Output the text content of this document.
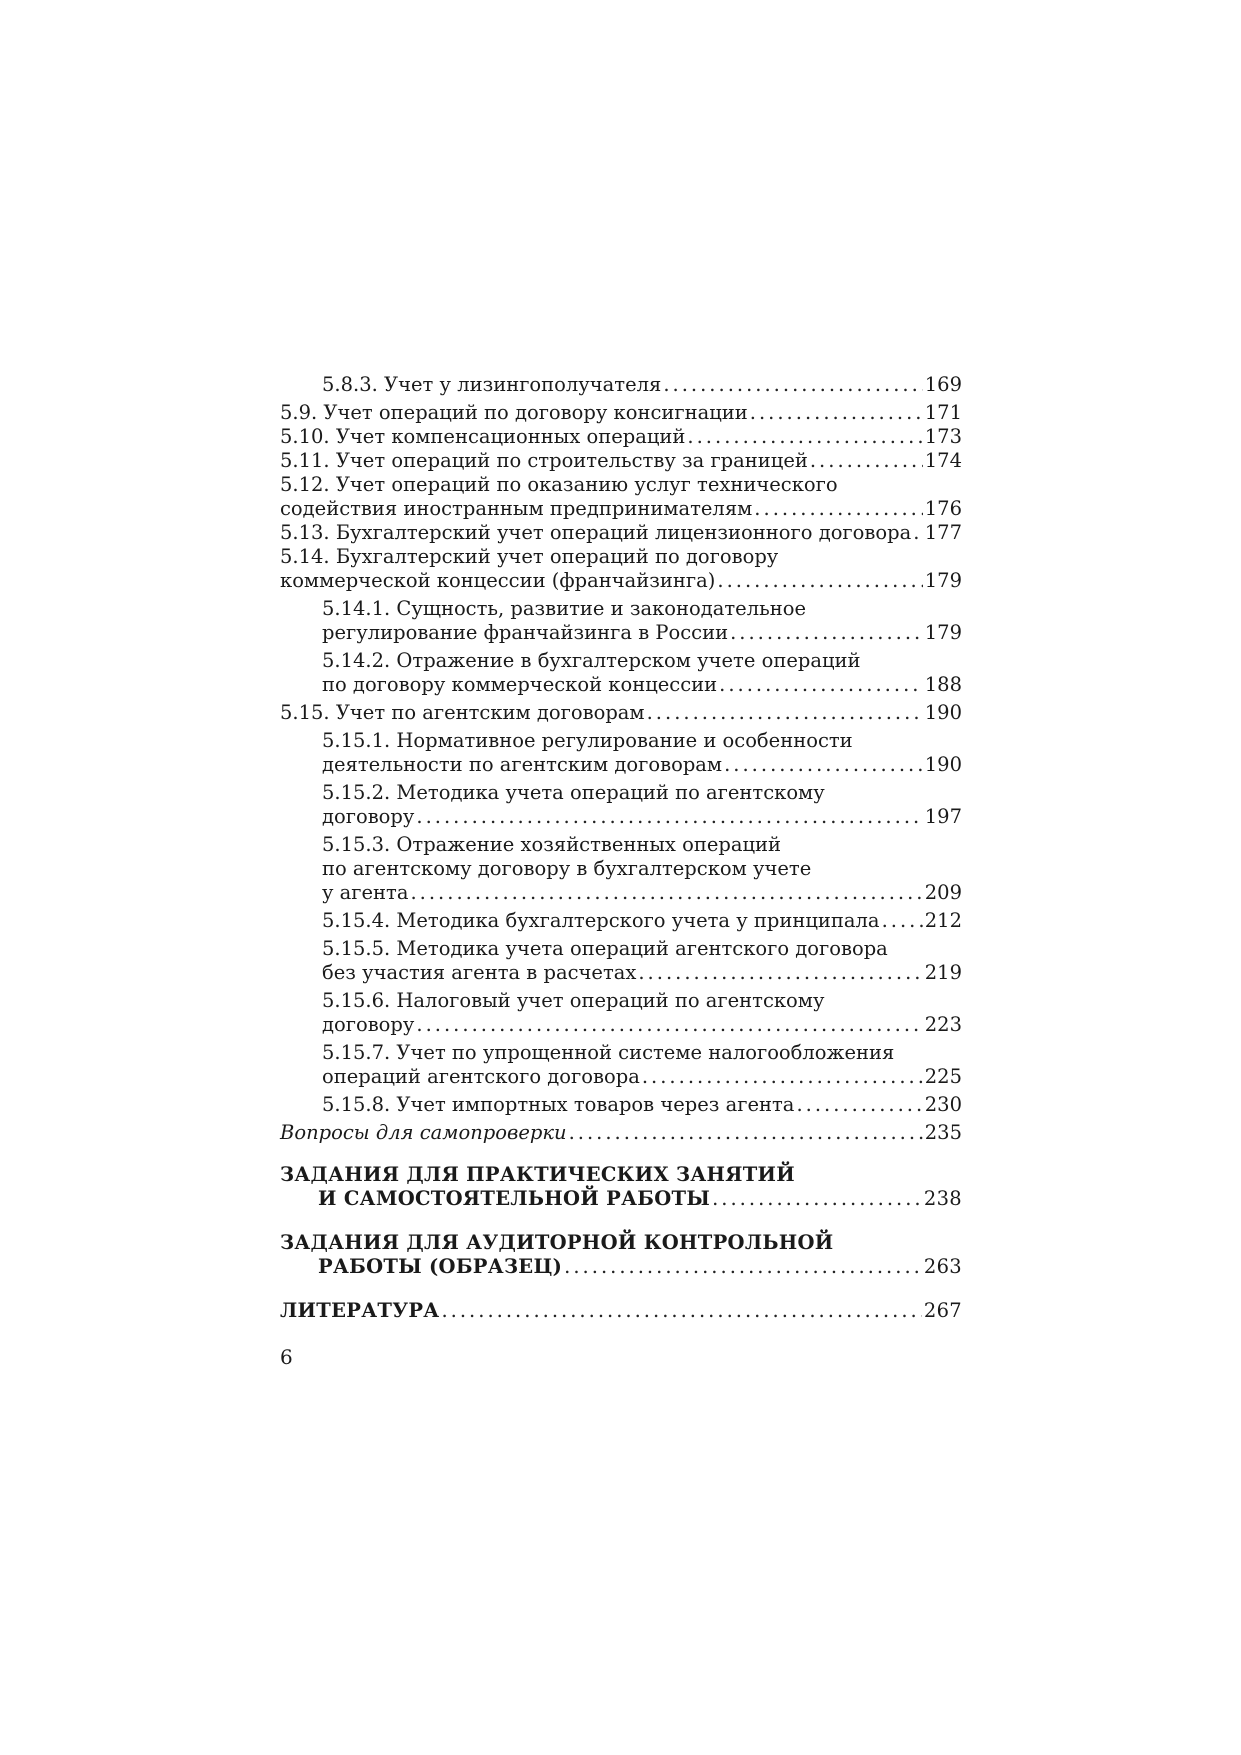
5.8.3. Учет у лизингополучателя . . .	169
5.9. Учет операций по договору консигнации . . .	171
5.10. Учет компенсационных операций . . .	173
5.11. Учет операций по строительству за границей . . .	174
5.12. Учет операций по оказанию услуг технического
содействия иностранным предпринимателям . . .	176
5.13. Бухгалтерский учет операций лицензионного договора . . . 177
5.14. Бухгалтерский учет операций по договору
коммерческой концессии (франчайзинга) . . .	179
5.14.1. Сущность, развитие и законодательное
регулирование франчайзинга в России . . .	179
5.14.2. Отражение в бухгалтерском учете операций
по договору коммерческой концессии . . .	188
5.15. Учет по агентским договорам . . .	190
5.15.1. Нормативное регулирование и особенности
деятельности по агентским договорам . . .	190
5.15.2. Методика учета операций по агентскому
договору . . .	197
5.15.3. Отражение хозяйственных операций
по агентскому договору в бухгалтерском учете
у агента . . .	209
5.15.4. Методика бухгалтерского учета у принципала . . . 212
5.15.5. Методика учета операций агентского договора
без участия агента в расчетах . . .	219
5.15.6. Налоговый учет операций по агентскому
договору . . .	223
5.15.7. Учет по упрощенной системе налогообложения
операций агентского договора . . .	225
5.15.8. Учет импортных товаров через агента . . .	230
Вопросы для самопроверки . . .	235
ЗАДАНИЯ ДЛЯ ПРАКТИЧЕСКИХ ЗАНЯТИЙ
И САМОСТОЯТЕЛЬНОЙ РАБОТЫ . . .	238
ЗАДАНИЯ ДЛЯ АУДИТОРНОЙ КОНТРОЛЬНОЙ
РАБОТЫ (ОБРАЗЕЦ) . . .	263
ЛИТЕРАТУРА . . .	267
6
